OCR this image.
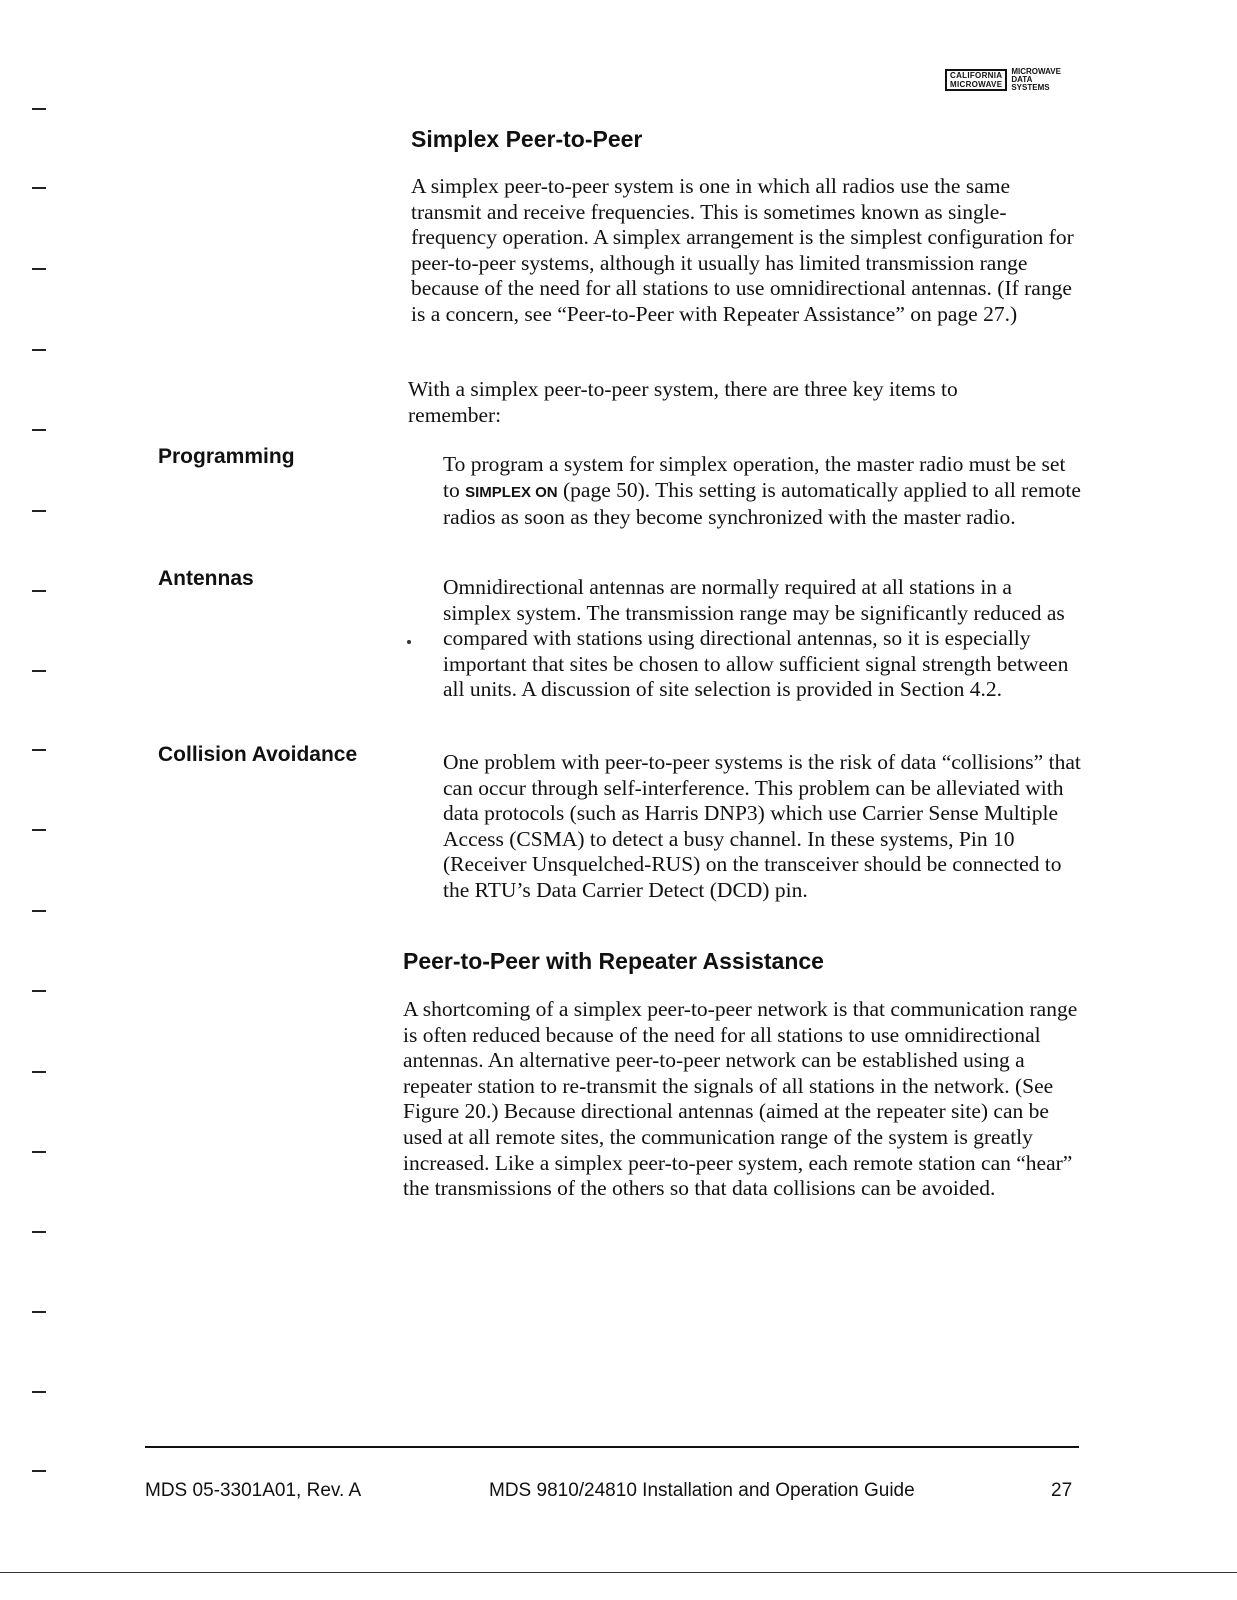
CALIFORNIA
MICROWAVE
MICROWAVE
DATA
SYSTEMS
Simplex Peer-to-Peer

A simplex peer-to-peer system is one in which all radios use the same transmit and receive frequencies. This is sometimes known as single-frequency operation. A simplex arrangement is the simplest configuration for peer-to-peer systems, although it usually has limited transmission range because of the need for all stations to use omnidirectional antennas. (If range is a concern, see “Peer-to-Peer with Repeater Assistance” on page 27.)

With a simplex peer-to-peer system, there are three key items to remember:

Programming	To program a system for simplex operation, the master radio must be set to SIMPLEX ON (page 50). This setting is automatically applied to all remote radios as soon as they become synchronized with the master radio.

Antennas	Omnidirectional antennas are normally required at all stations in a simplex system. The transmission range may be significantly reduced as compared with stations using directional antennas, so it is especially important that sites be chosen to allow sufficient signal strength between all units. A discussion of site selection is provided in Section 4.2.

Collision Avoidance	One problem with peer-to-peer systems is the risk of data “collisions” that can occur through self-interference. This problem can be alleviated with data protocols (such as Harris DNP3) which use Carrier Sense Multiple Access (CSMA) to detect a busy channel. In these systems, Pin 10 (Receiver Unsquelched-RUS) on the transceiver should be connected to the RTU’s Data Carrier Detect (DCD) pin.

Peer-to-Peer with Repeater Assistance

A shortcoming of a simplex peer-to-peer network is that communication range is often reduced because of the need for all stations to use omnidirectional antennas. An alternative peer-to-peer network can be established using a repeater station to re-transmit the signals of all stations in the network. (See Figure 20.) Because directional antennas (aimed at the repeater site) can be used at all remote sites, the communication range of the system is greatly increased. Like a simplex peer-to-peer system, each remote station can “hear” the transmissions of the others so that data collisions can be avoided.

MDS 05-3301A01, Rev. A	MDS 9810/24810 Installation and Operation Guide	27
